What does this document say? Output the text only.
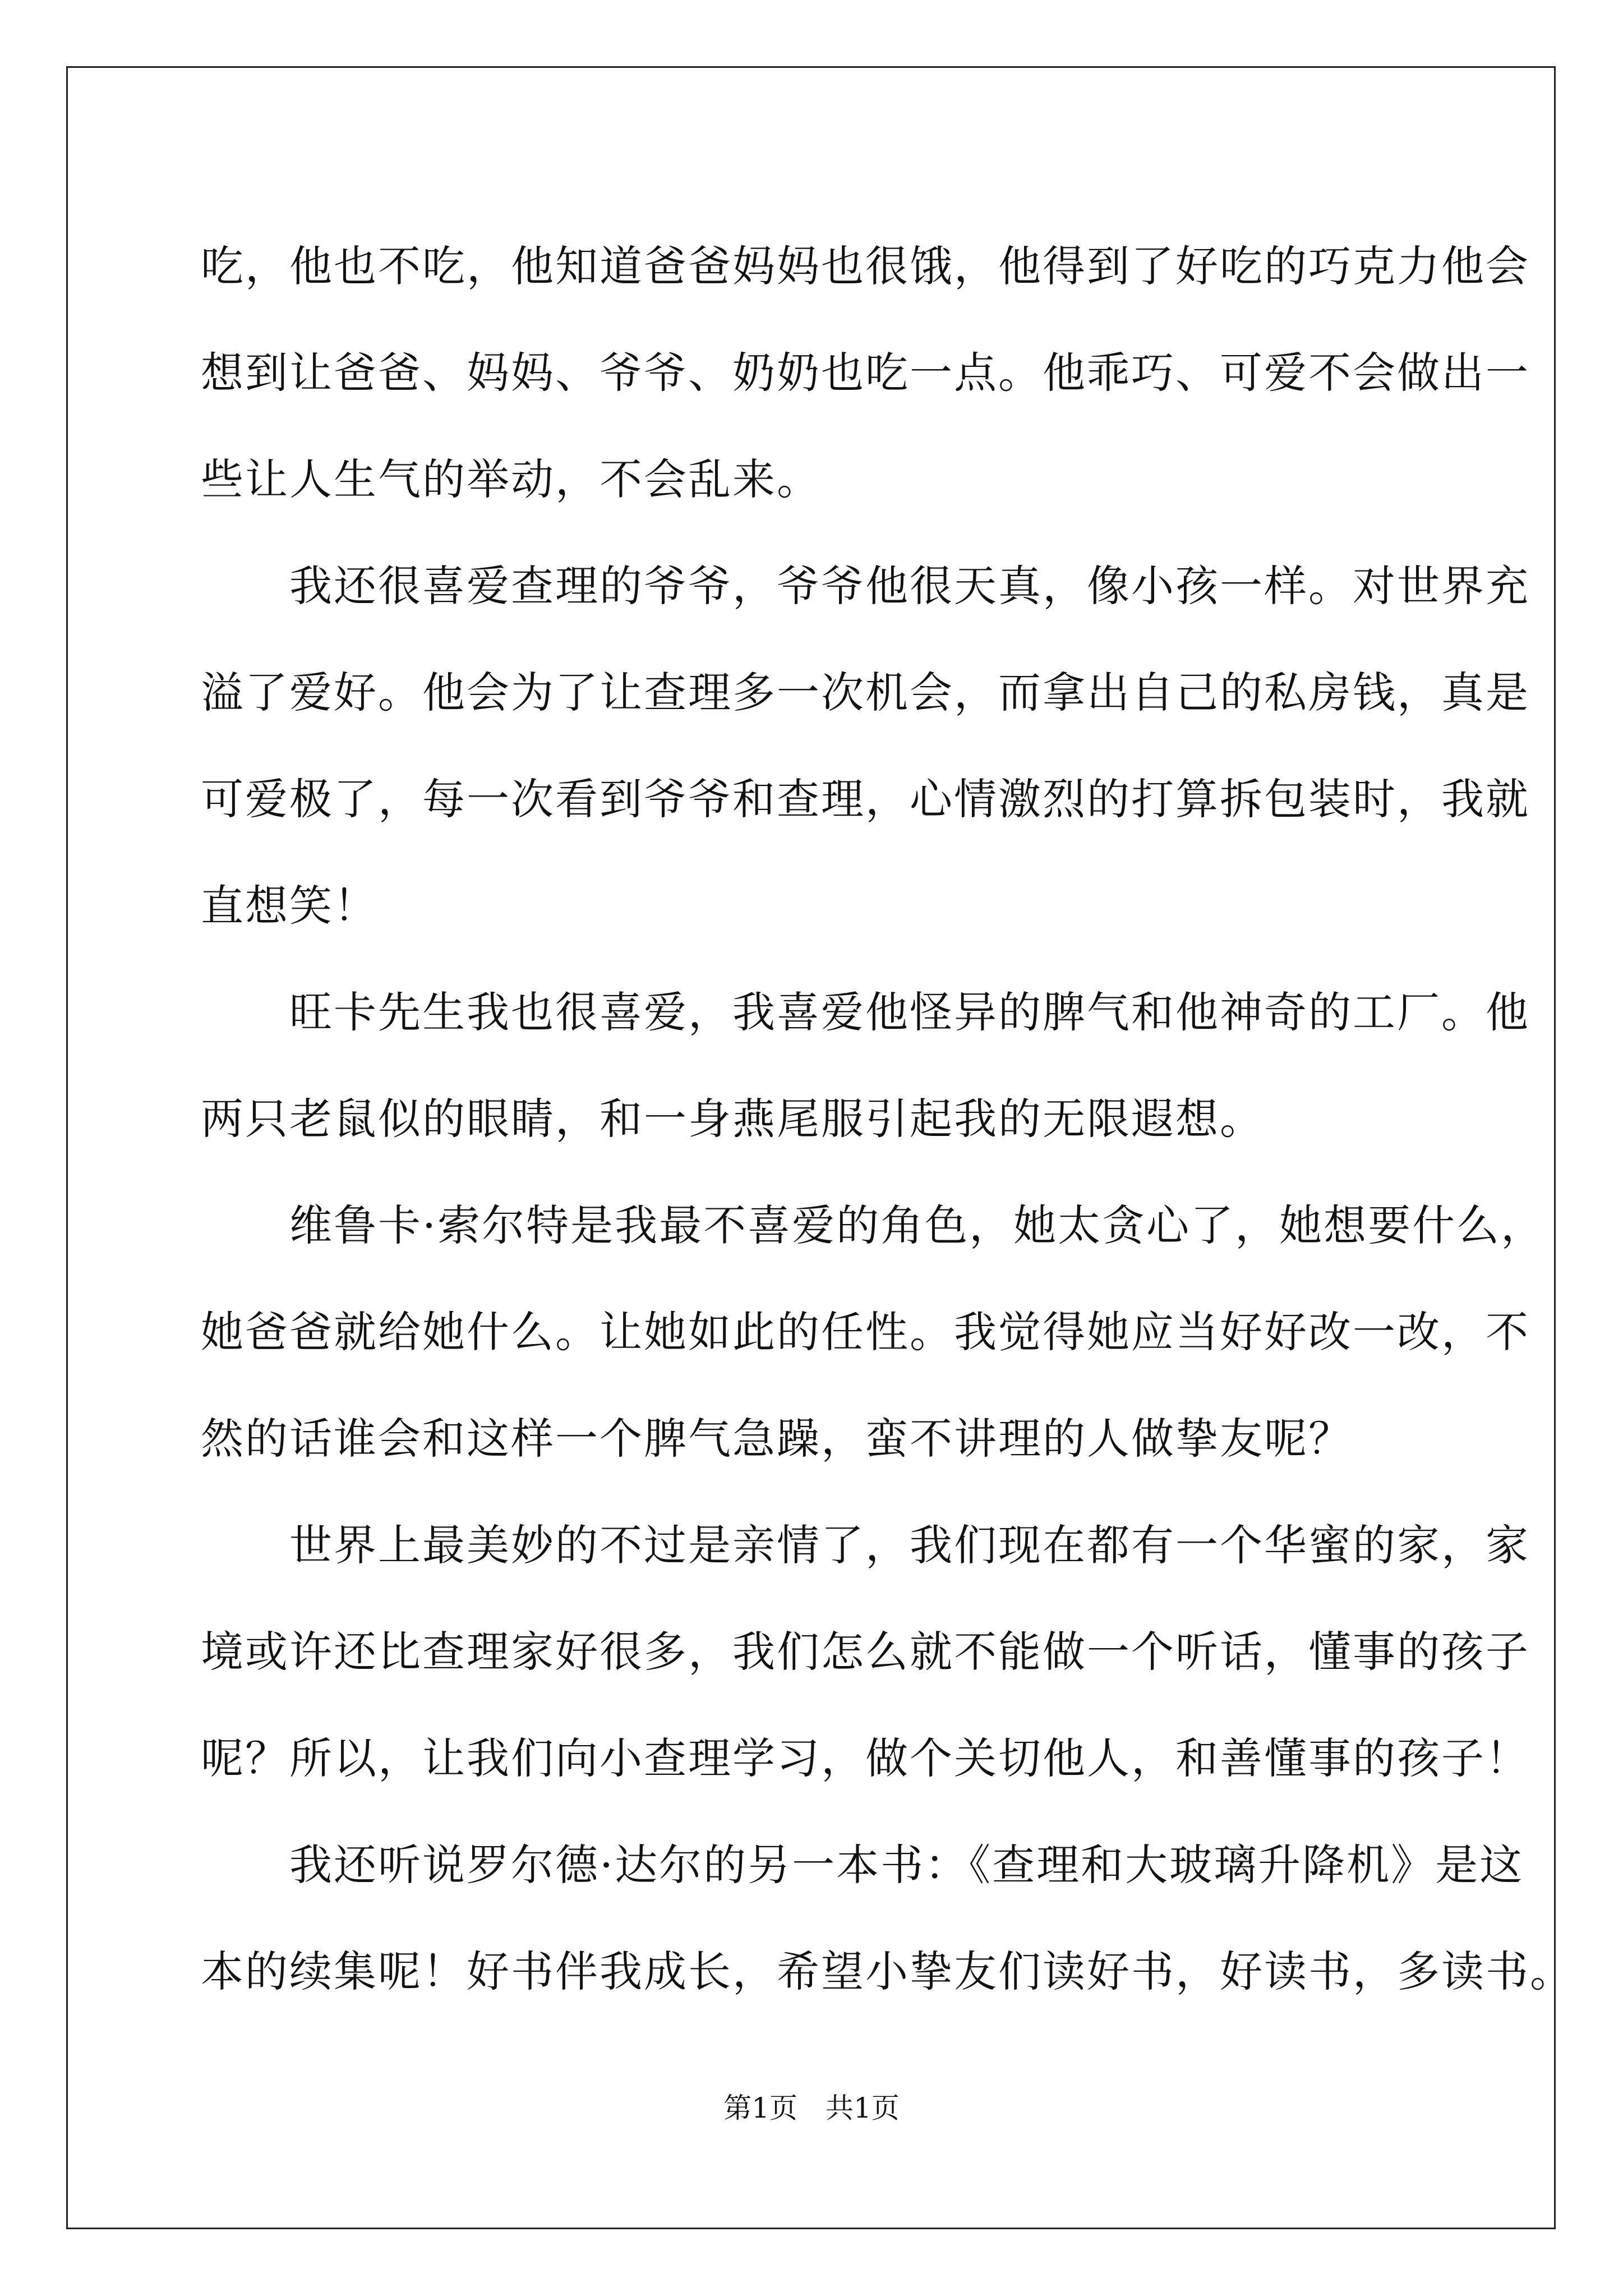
吃，他也不吃，他知道爸爸妈妈也很饿，他得到了好吃的巧克力他会
想到让爸爸、妈妈、爷爷、奶奶也吃一点。他乖巧、可爱不会做出一
些让人生气的举动，不会乱来。
　　我还很喜爱查理的爷爷，爷爷他很天真，像小孩一样。对世界充
溢了爱好。他会为了让查理多一次机会，而拿出自己的私房钱，真是
可爱极了，每一次看到爷爷和查理，心情激烈的打算拆包装时，我就
直想笑！
　　旺卡先生我也很喜爱，我喜爱他怪异的脾气和他神奇的工厂。他
两只老鼠似的眼睛，和一身燕尾服引起我的无限遐想。
　　维鲁卡·索尔特是我最不喜爱的角色，她太贪心了，她想要什么，
她爸爸就给她什么。让她如此的任性。我觉得她应当好好改一改，不
然的话谁会和这样一个脾气急躁，蛮不讲理的人做挚友呢？
　　世界上最美妙的不过是亲情了，我们现在都有一个华蜜的家，家
境或许还比查理家好很多，我们怎么就不能做一个听话，懂事的孩子
呢？所以，让我们向小查理学习，做个关切他人，和善懂事的孩子！
　　我还听说罗尔德·达尔的另一本书：《查理和大玻璃升降机》是这
本的续集呢！好书伴我成长，希望小挚友们读好书，好读书，多读书。
第1页　共1页
